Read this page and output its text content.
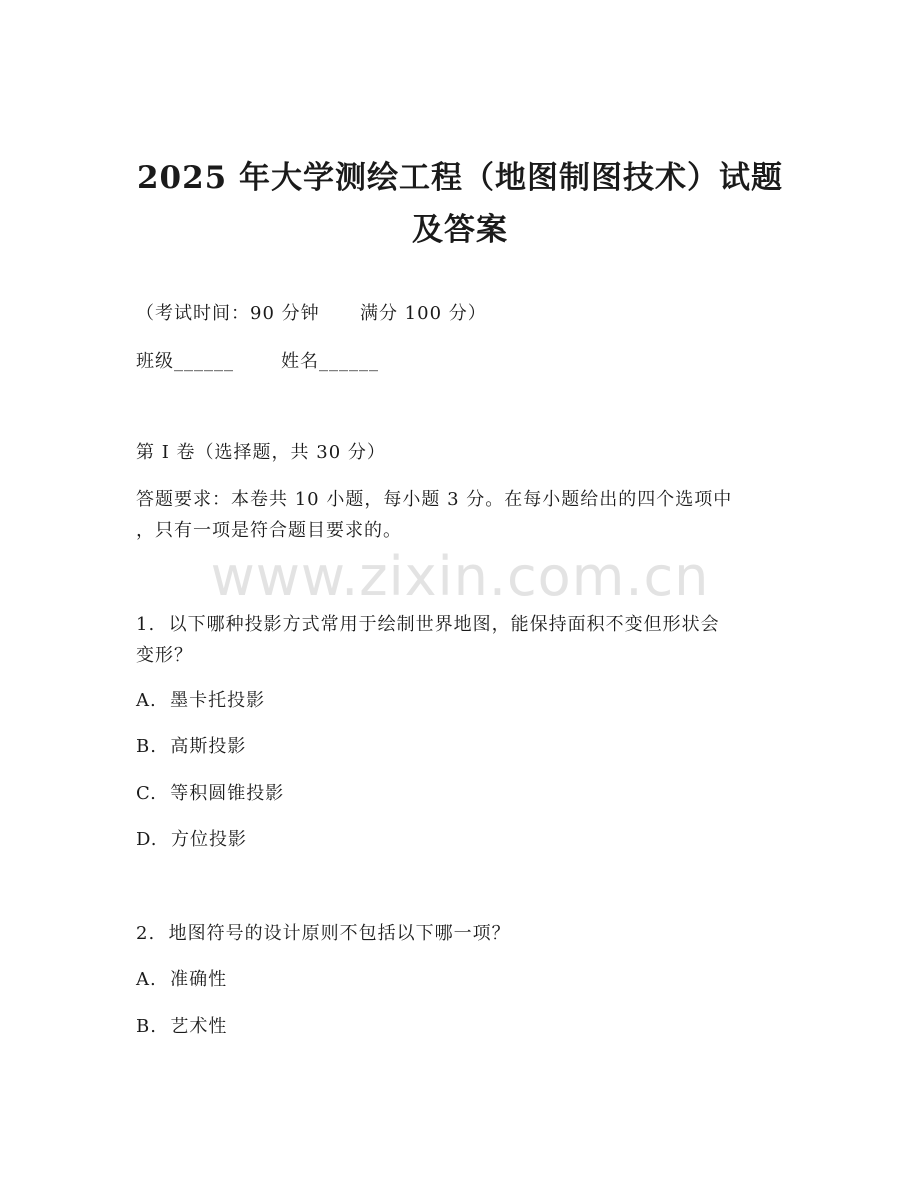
2025 年大学测绘工程（地图制图技术）试题
及答案
（考试时间：90 分钟      满分 100 分）
班级______       姓名______
第 I 卷（选择题，共 30 分）
答题要求：本卷共 10 小题，每小题 3 分。在每小题给出的四个选项中
，只有一项是符合题目要求的。
www.zixin.com.cn
1.  以下哪种投影方式常用于绘制世界地图，能保持面积不变但形状会
变形？
A.  墨卡托投影
B.  高斯投影
C.  等积圆锥投影
D.  方位投影
2.  地图符号的设计原则不包括以下哪一项？
A.  准确性
B.  艺术性
